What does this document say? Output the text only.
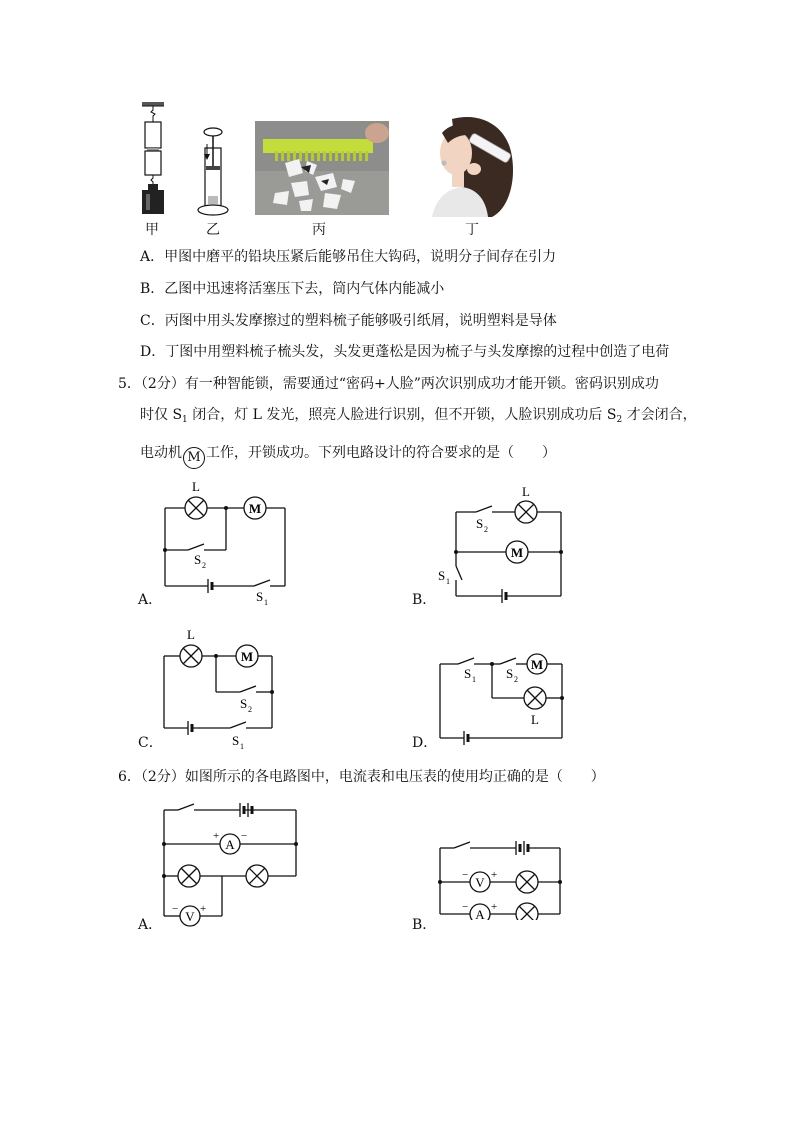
甲	乙	丙	丁
A．甲图中磨平的铅块压紧后能够吊住大钩码，说明分子间存在引力
B．乙图中迅速将活塞压下去，筒内气体内能减小
C．丙图中用头发摩擦过的塑料梳子能够吸引纸屑，说明塑料是导体
D．丁图中用塑料梳子梳头发，头发更蓬松是因为梳子与头发摩擦的过程中创造了电荷
5．（2分）有一种智能锁，需要通过“密码+人脸”两次识别成功才能开锁。密码识别成功
时仅 $S_1$ 闭合，灯 L 发光，照亮人脸进行识别，但不开锁，人脸识别成功后 $S_2$ 才会闭合，
电动机 M 工作，开锁成功。下列电路设计的符合要求的是（　　）
L
M
S 2
S 1
A．
L
M
S 2
S 1
B．
L
M
S 2
S 1
C．
M
L
S 1 S 2
D．
6．（2分）如图所示的各电路图中，电流表和电压表的使用均正确的是（　　）
A
+ −
V
− +
A．
V
− +
A
− +
B．
